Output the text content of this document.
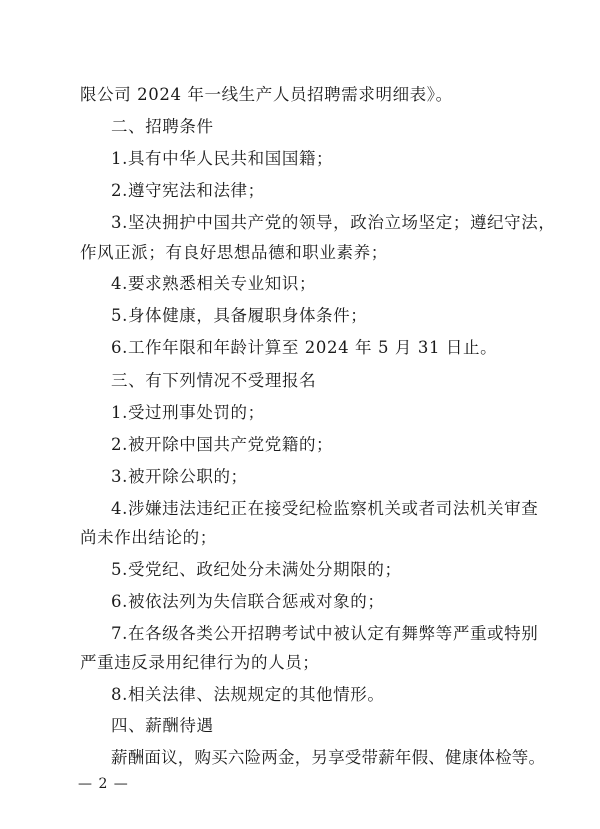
限公司 2024 年一线生产人员招聘需求明细表》。
二、招聘条件
1.具有中华人民共和国国籍；
2.遵守宪法和法律；
3.坚决拥护中国共产党的领导，政治立场坚定；遵纪守法，
作风正派；有良好思想品德和职业素养；
4.要求熟悉相关专业知识；
5.身体健康，具备履职身体条件；
6.工作年限和年龄计算至 2024 年 5 月 31 日止。
三、有下列情况不受理报名
1.受过刑事处罚的；
2.被开除中国共产党党籍的；
3.被开除公职的；
4.涉嫌违法违纪正在接受纪检监察机关或者司法机关审查
尚未作出结论的；
5.受党纪、政纪处分未满处分期限的；
6.被依法列为失信联合惩戒对象的；
7.在各级各类公开招聘考试中被认定有舞弊等严重或特别
严重违反录用纪律行为的人员；
8.相关法律、法规规定的其他情形。
四、薪酬待遇
薪酬面议，购买六险两金，另享受带薪年假、健康体检等。
— 2 —
